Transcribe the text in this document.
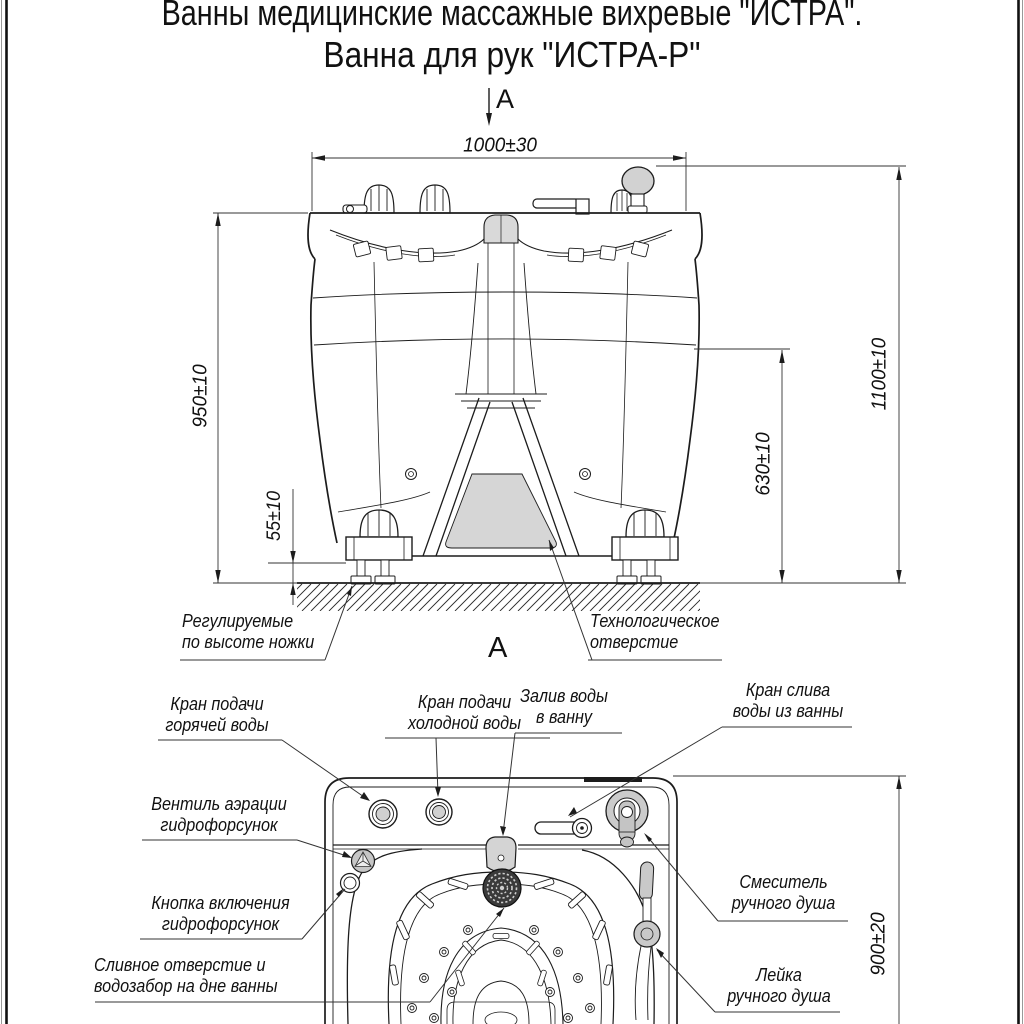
Ванны медицинские массажные вихревые "ИСТРА".
Ванна для рук "ИСТРА-Р"
А
А
1000±30
950±10
55±10
630±10
1100±10
900±20
Регулируемые
по высоте ножки
Технологическое
отверстие
Кран подачи
горячей воды
Кран подачи
холодной воды
Залив воды
в ванну
Кран слива
воды из ванны
Вентиль аэрации
гидрофорсунок
Кнопка включения
гидрофорсунок
Сливное отверстие и
водозабор на дне ванны
Смеситель
ручного душа
Лейка
ручного душа
